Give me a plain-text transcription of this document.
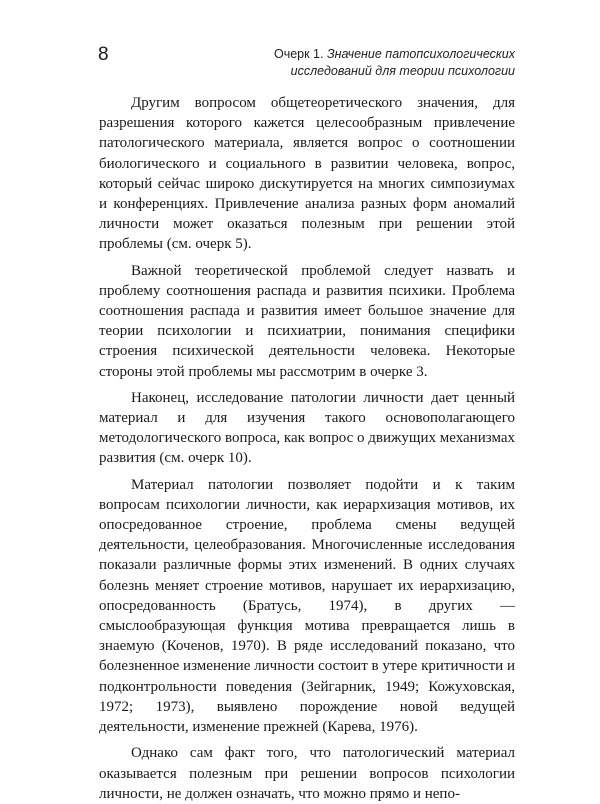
8	Очерк 1. Значение патопсихологических
исследований для теории психологии

Другим вопросом общетеоретического значения, для разрешения которого кажется целесообразным привлечение патологического материала, является вопрос о соотношении биологического и социального в развитии человека, вопрос, который сейчас широко дискутируется на многих симпозиумах и конференциях. Привлечение анализа разных форм аномалий личности может оказаться полезным при решении этой проблемы (см. очерк 5).

Важной теоретической проблемой следует назвать и проблему соотношения распада и развития психики. Проблема соотношения распада и развития имеет большое значение для теории психологии и психиатрии, понимания специфики строения психической деятельности человека. Некоторые стороны этой проблемы мы рассмотрим в очерке 3.

Наконец, исследование патологии личности дает ценный материал и для изучения такого основополагающего методологического вопроса, как вопрос о движущих механизмах развития (см. очерк 10).

Материал патологии позволяет подойти и к таким вопросам психологии личности, как иерархизация мотивов, их опосредованное строение, проблема смены ведущей деятельности, целеобразования. Многочисленные исследования показали различные формы этих изменений. В одних случаях болезнь меняет строение мотивов, нарушает их иерархизацию, опосредованность (Братусь, 1974), в других — смыслообразующая функция мотива превращается лишь в знаемую (Коченов, 1970). В ряде исследований показано, что болезненное изменение личности состоит в утере критичности и подконтрольности поведения (Зейгарник, 1949; Кожуховская, 1972; 1973), выявлено порождение новой ведущей деятельности, изменение прежней (Карева, 1976).

Однако сам факт того, что патологический материал оказывается полезным при решении вопросов психологии личности, не должен означать, что можно прямо и непо-
